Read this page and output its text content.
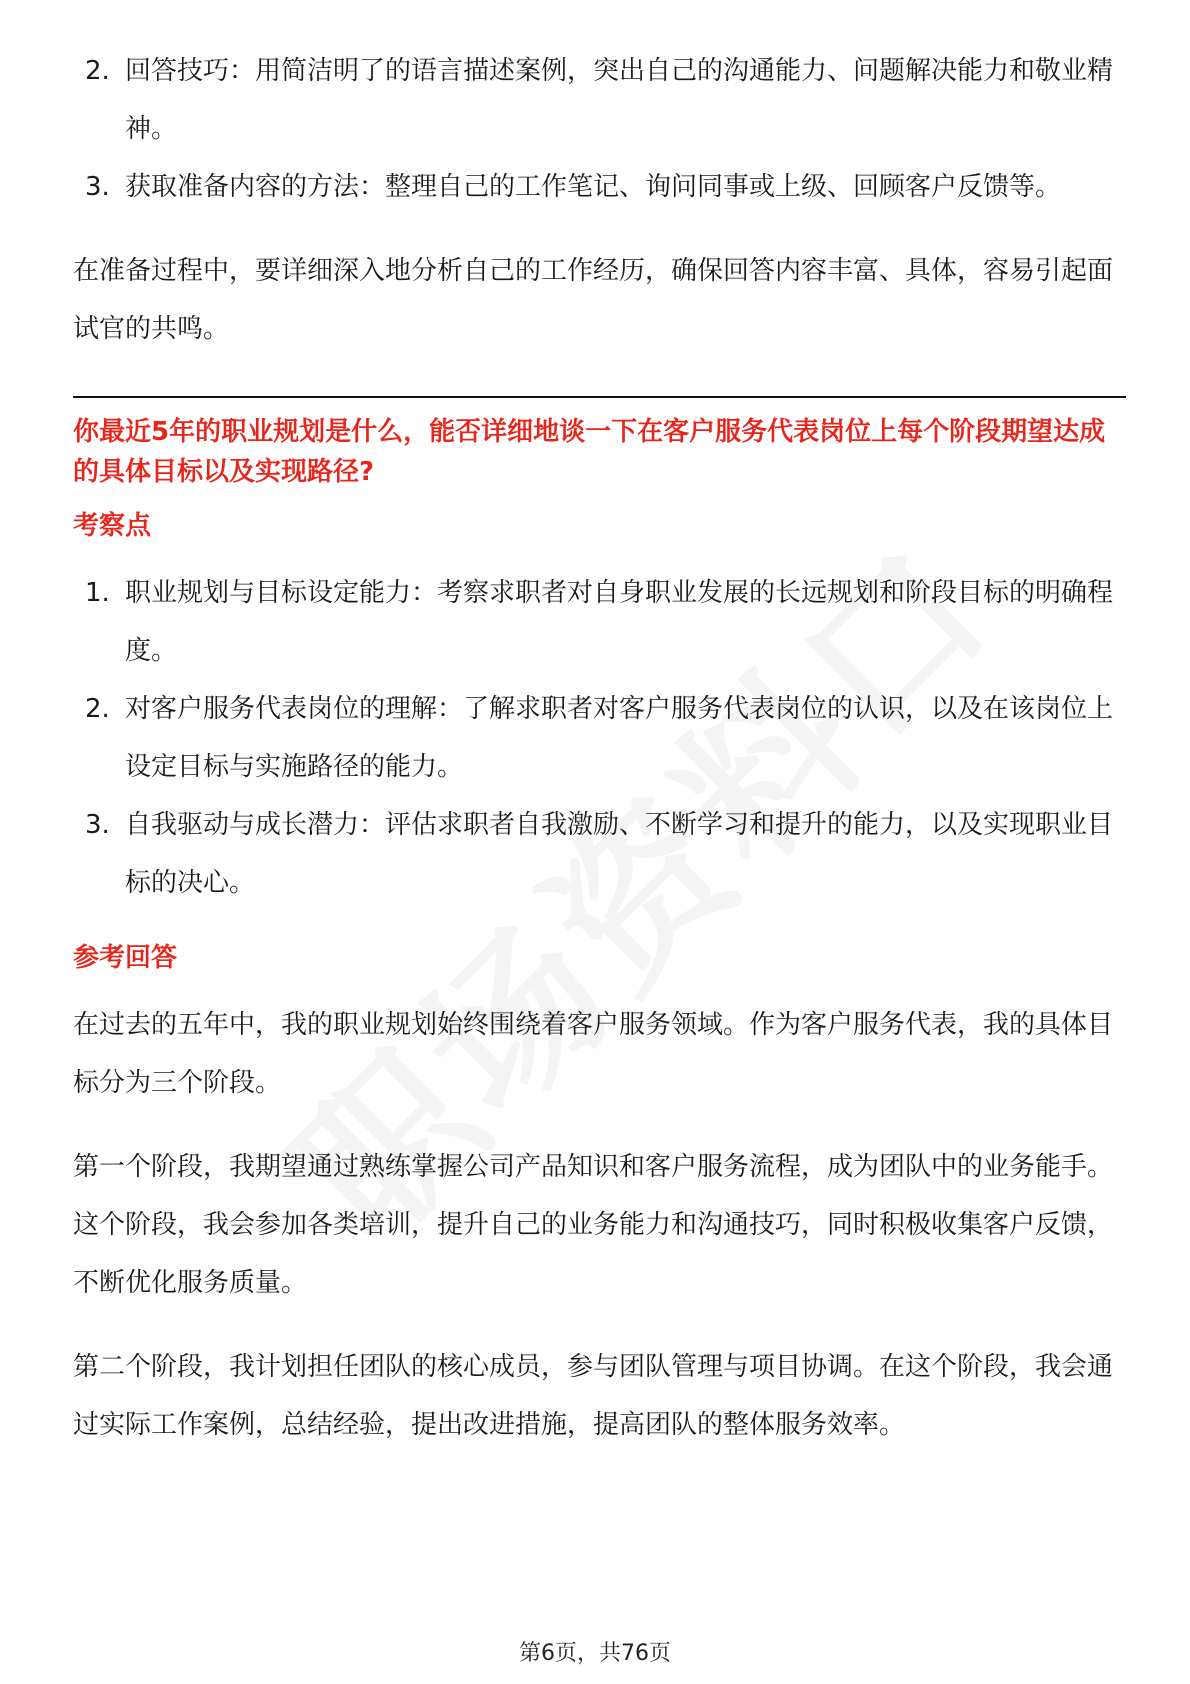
2. 回答技巧：用简洁明了的语言描述案例，突出自己的沟通能力、问题解决能力和敬业精神。
3. 获取准备内容的方法：整理自己的工作笔记、询问同事或上级、回顾客户反馈等。

在准备过程中，要详细深入地分析自己的工作经历，确保回答内容丰富、具体，容易引起面试官的共鸣。

你最近5年的职业规划是什么，能否详细地谈一下在客户服务代表岗位上每个阶段期望达成的具体目标以及实现路径?

考察点

1. 职业规划与目标设定能力：考察求职者对自身职业发展的长远规划和阶段目标的明确程度。
2. 对客户服务代表岗位的理解：了解求职者对客户服务代表岗位的认识，以及在该岗位上设定目标与实施路径的能力。
3. 自我驱动与成长潜力：评估求职者自我激励、不断学习和提升的能力，以及实现职业目标的决心。

参考回答

在过去的五年中，我的职业规划始终围绕着客户服务领域。作为客户服务代表，我的具体目标分为三个阶段。

第一个阶段，我期望通过熟练掌握公司产品知识和客户服务流程，成为团队中的业务能手。这个阶段，我会参加各类培训，提升自己的业务能力和沟通技巧，同时积极收集客户反馈，不断优化服务质量。

第二个阶段，我计划担任团队的核心成员，参与团队管理与项目协调。在这个阶段，我会通过实际工作案例，总结经验，提出改进措施，提高团队的整体服务效率。

第6页，共76页
